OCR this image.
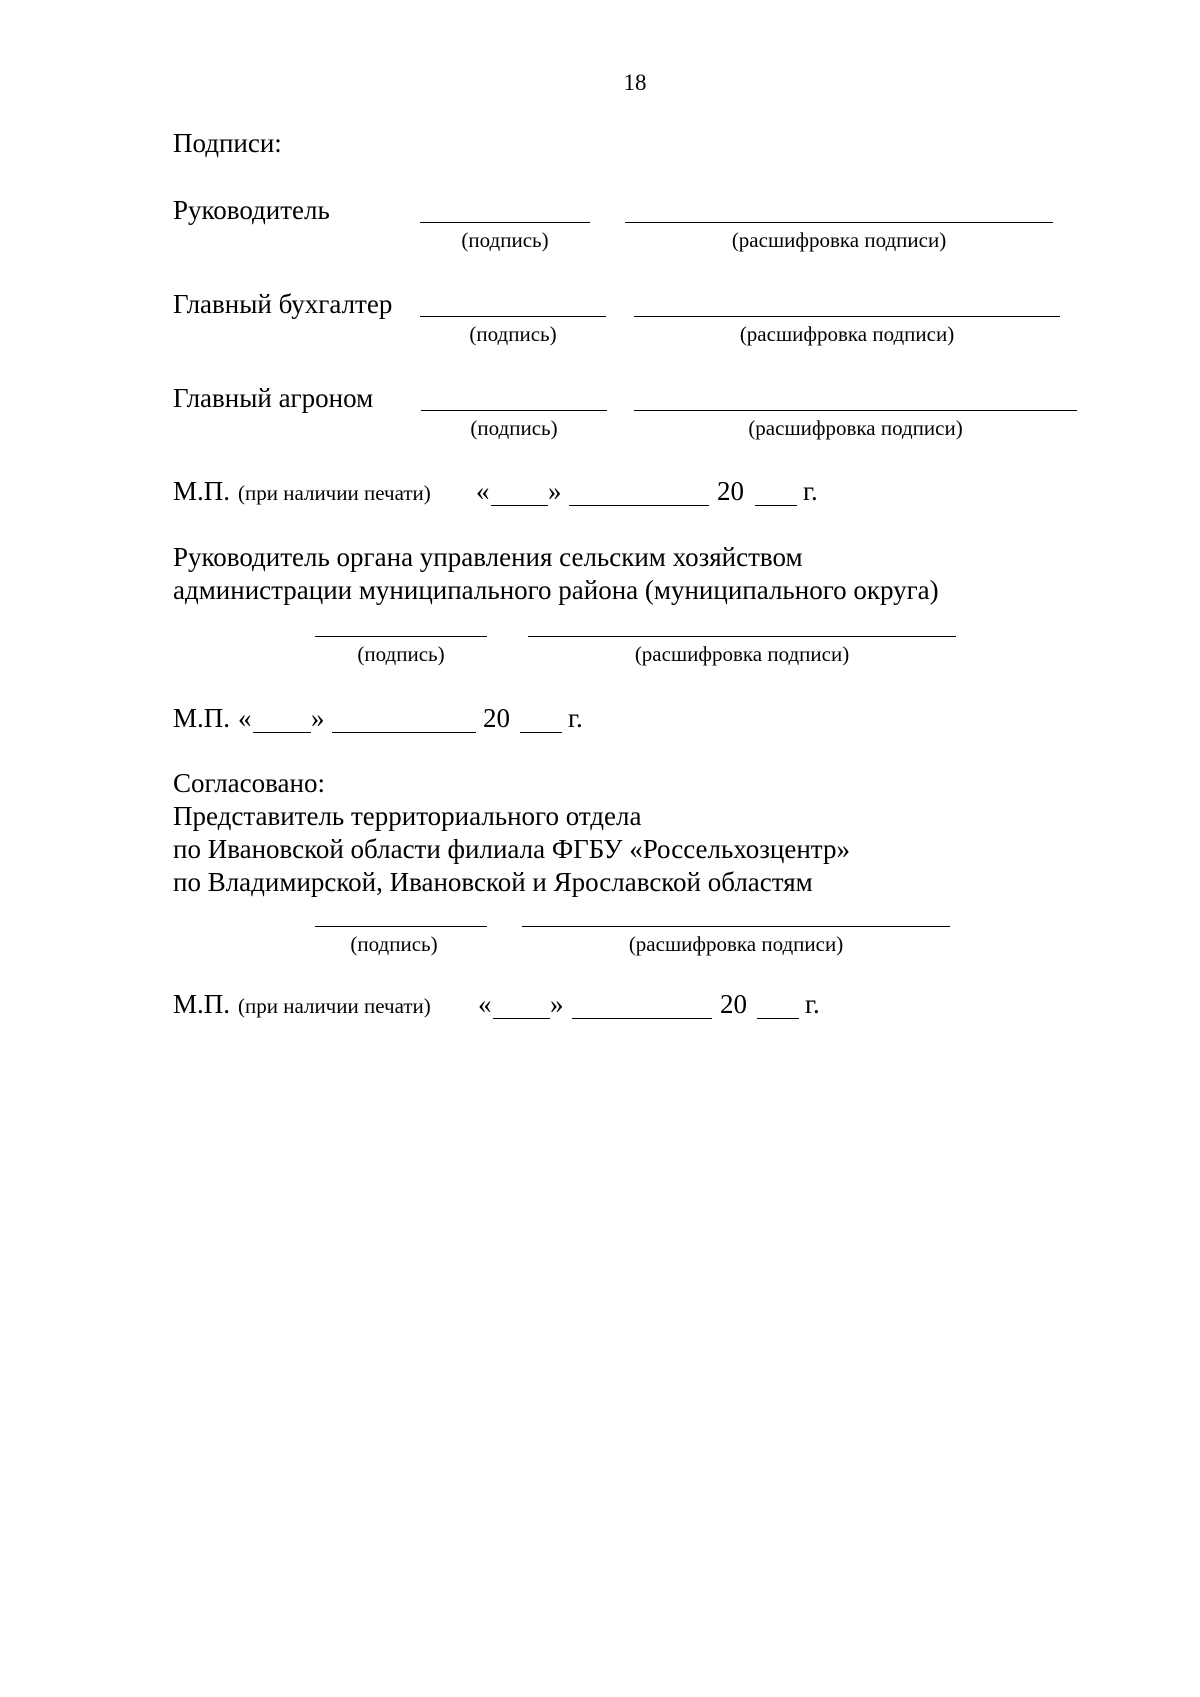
18
Подписи:
Руководитель
(подпись)	(расшифровка подписи)
Главный бухгалтер
(подпись)	(расшифровка подписи)
Главный агроном
(подпись)	(расшифровка подписи)
М.П. (при наличии печати) « »	20 г.
Руководитель органа управления сельским хозяйством
администрации муниципального района (муниципального округа)
(подпись)	(расшифровка подписи)
М.П. « »	20 г.
Согласовано:
Представитель территориального отдела
по Ивановской области филиала ФГБУ «Россельхозцентр»
по Владимирской, Ивановской и Ярославской областям
(подпись)	(расшифровка подписи)
М.П. (при наличии печати) « »	20 г.
